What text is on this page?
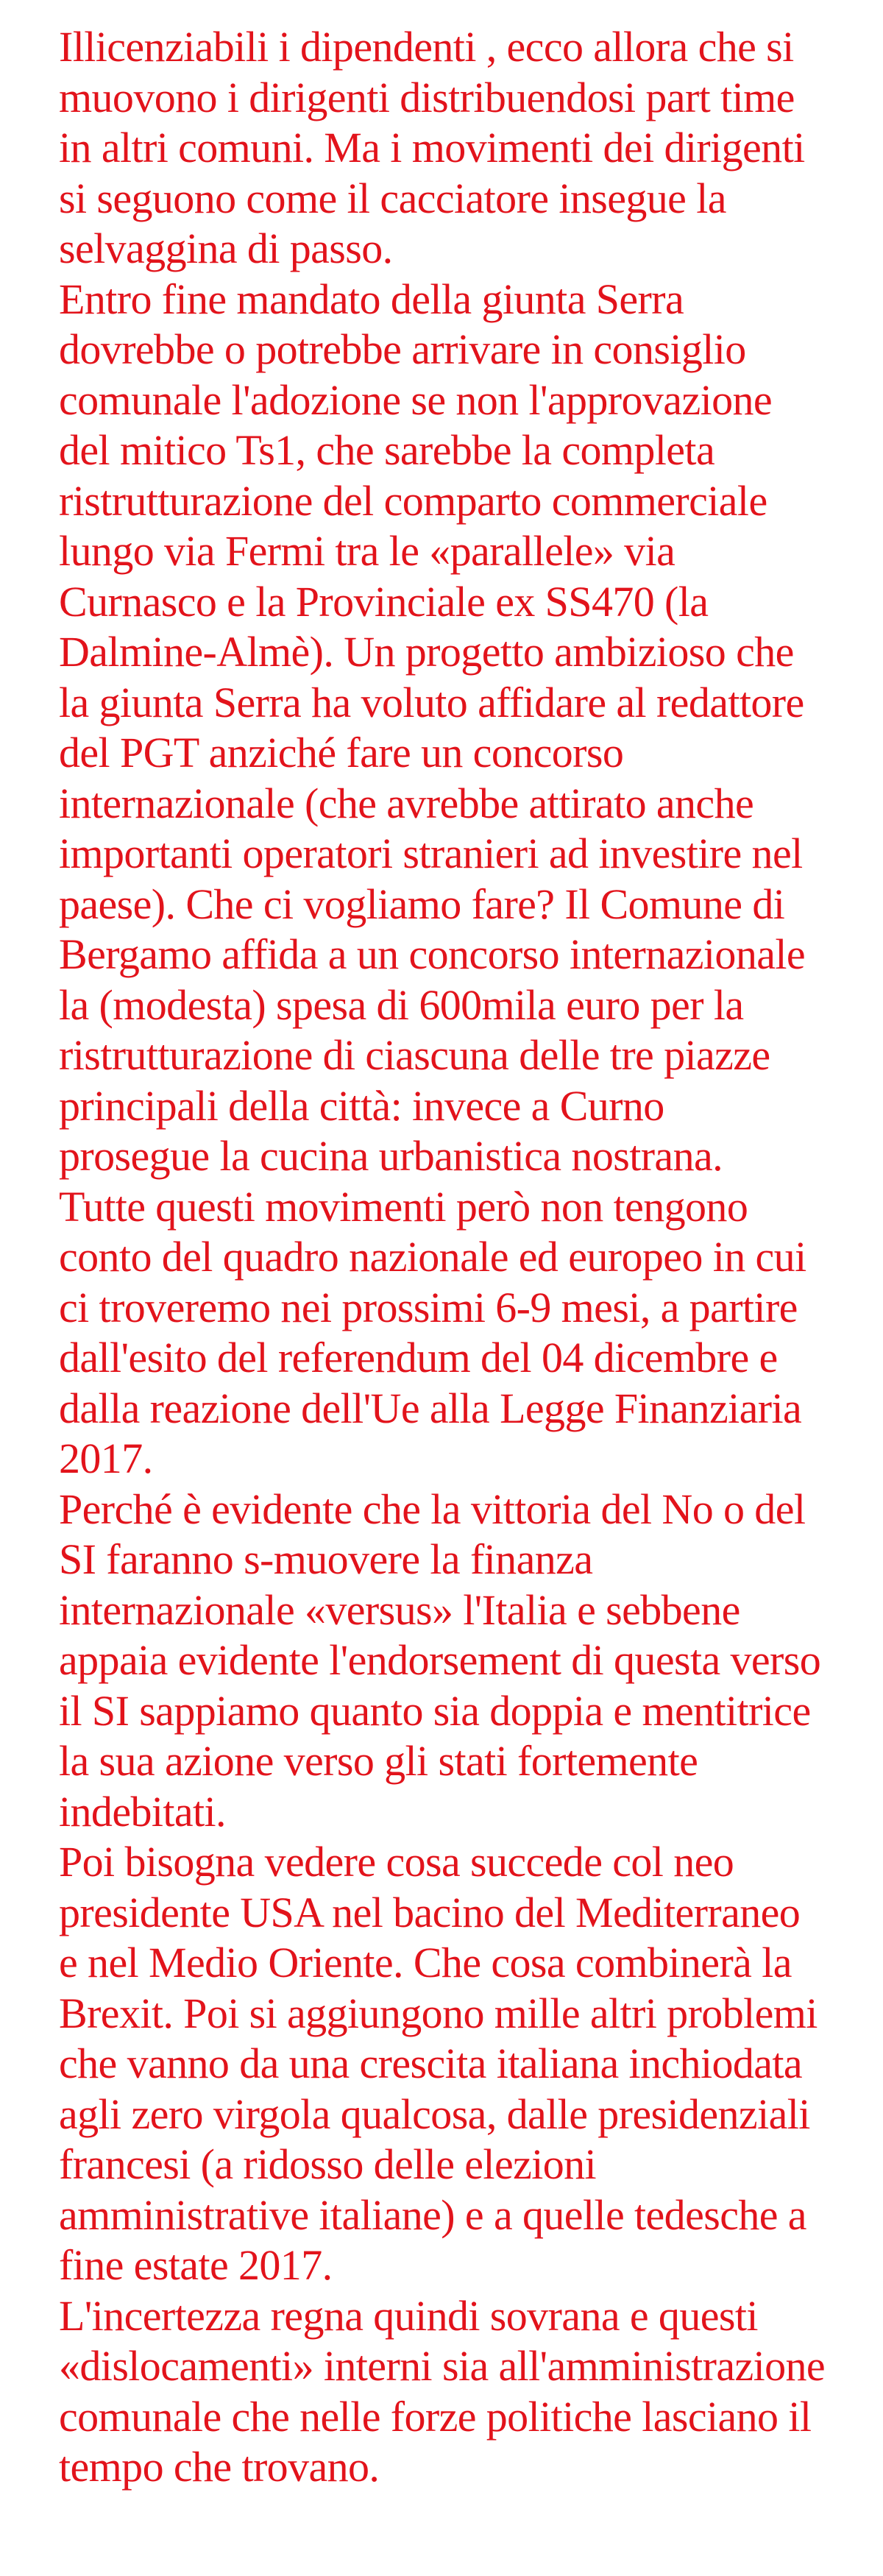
Illicenziabili i dipendenti , ecco allora che si
muovono i dirigenti distribuendosi part time
in altri comuni. Ma i movimenti dei dirigenti
si seguono come il cacciatore insegue la
selvaggina di passo.

Entro fine mandato della giunta Serra
dovrebbe o potrebbe arrivare in consiglio
comunale l'adozione se non l'approvazione
del mitico Ts1, che sarebbe la completa
ristrutturazione del comparto commerciale
lungo via Fermi tra le «parallele» via
Curnasco e la Provinciale ex SS470 (la
Dalmine-Almè). Un progetto ambizioso che
la giunta Serra ha voluto affidare al redattore
del PGT anziché fare un concorso
internazionale (che avrebbe attirato anche
importanti operatori stranieri ad investire nel
paese). Che ci vogliamo fare? Il Comune di
Bergamo affida a un concorso internazionale
la (modesta) spesa di 600mila euro per la
ristrutturazione di ciascuna delle tre piazze
principali della città: invece a Curno
prosegue la cucina urbanistica nostrana.

Tutte questi movimenti però non tengono
conto del quadro nazionale ed europeo in cui
ci troveremo nei prossimi 6-9 mesi, a partire
dall'esito del referendum del 04 dicembre e
dalla reazione dell'Ue alla Legge Finanziaria
2017.

Perché è evidente che la vittoria del No o del
SI faranno s-muovere la finanza
internazionale «versus» l'Italia e sebbene
appaia evidente l'endorsement di questa verso
il SI sappiamo quanto sia doppia e mentitrice
la sua azione verso gli stati fortemente
indebitati.

Poi bisogna vedere cosa succede col neo
presidente USA nel bacino del Mediterraneo
e nel Medio Oriente. Che cosa combinerà la
Brexit. Poi si aggiungono mille altri problemi
che vanno da una crescita italiana inchiodata
agli zero virgola qualcosa, dalle presidenziali
francesi (a ridosso delle elezioni
amministrative italiane) e a quelle tedesche a
fine estate 2017.

L'incertezza regna quindi sovrana e questi
«dislocamenti» interni sia all'amministrazione
comunale che nelle forze politiche lasciano il
tempo che trovano.
